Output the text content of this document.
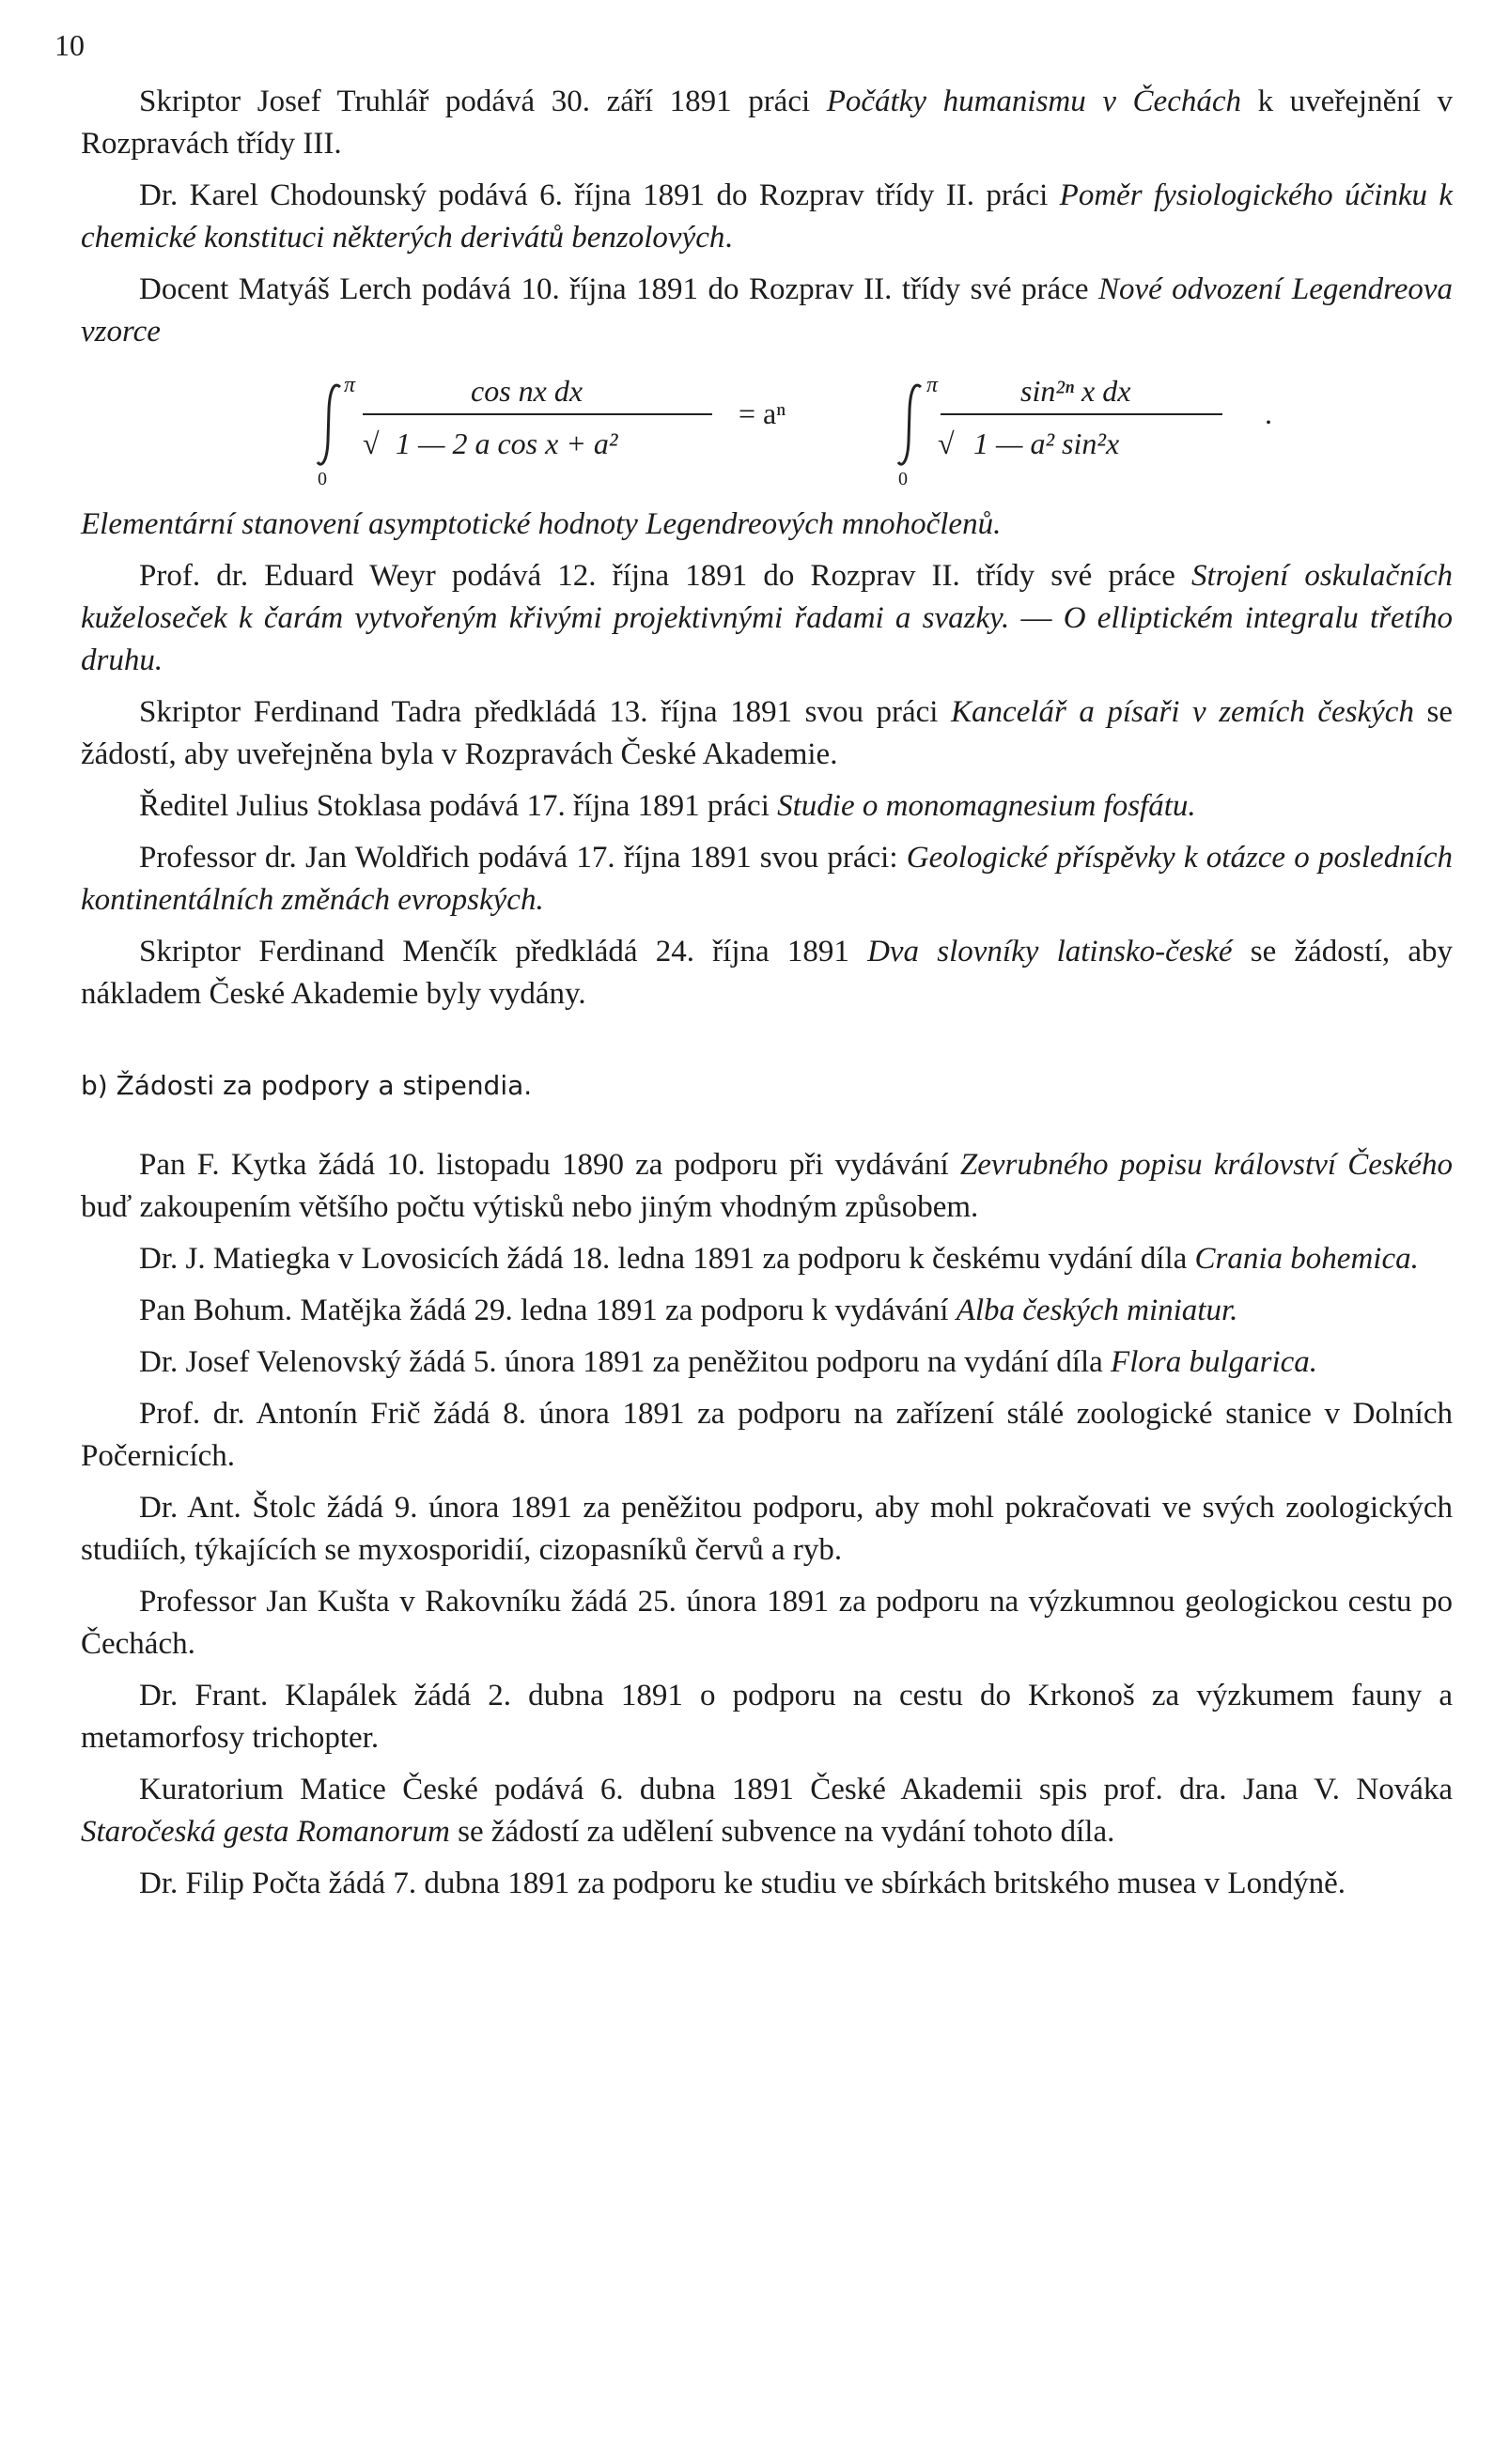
10

Skriptor Josef Truhlář podává 30. září 1891 práci Počátky humanismu v Čechách k uveřejnění v Rozpravách třídy III.

Dr. Karel Chodounský podává 6. října 1891 do Rozprav třídy II. práci Poměr fysiologického účinku k chemické konstituci některých derivátů benzolových.

Docent Matyáš Lerch podává 10. října 1891 do Rozprav II. třídy své práce Nové odvození Legendreova vzorce

π
0
cos nx dx
√ 1 — 2 a cos x + a²
= aⁿ
π
0
sin²ⁿ x dx
√ 1 — a² sin²x
.

Elementární stanovení asymptotické hodnoty Legendreových mnohočlenů.

Prof. dr. Eduard Weyr podává 12. října 1891 do Rozprav II. třídy své práce Strojení oskulačních kuželoseček k čarám vytvořeným křivými projektivnými řadami a svazky. — O elliptickém integralu třetího druhu.

Skriptor Ferdinand Tadra předkládá 13. října 1891 svou práci Kancelář a písaři v zemích českých se žádostí, aby uveřejněna byla v Rozpravách České Akademie.

Ředitel Julius Stoklasa podává 17. října 1891 práci Studie o monomagnesium fosfátu.

Professor dr. Jan Woldřich podává 17. října 1891 svou práci: Geologické příspěvky k otázce o posledních kontinentálních změnách evropských.

Skriptor Ferdinand Menčík předkládá 24. října 1891 Dva slovníky latinsko-české se žádostí, aby nákladem České Akademie byly vydány.

b) Žádosti za podpory a stipendia.

Pan F. Kytka žádá 10. listopadu 1890 za podporu při vydávání Zevrubného popisu království Českého buď zakoupením většího počtu výtisků nebo jiným vhodným způsobem.

Dr. J. Matiegka v Lovosicích žádá 18. ledna 1891 za podporu k českému vydání díla Crania bohemica.

Pan Bohum. Matějka žádá 29. ledna 1891 za podporu k vydávání Alba českých miniatur.

Dr. Josef Velenovský žádá 5. února 1891 za peněžitou podporu na vydání díla Flora bulgarica.

Prof. dr. Antonín Frič žádá 8. února 1891 za podporu na zařízení stálé zoologické stanice v Dolních Počernicích.

Dr. Ant. Štolc žádá 9. února 1891 za peněžitou podporu, aby mohl pokračovati ve svých zoologických studiích, týkajících se myxosporidií, cizopasníků červů a ryb.

Professor Jan Kušta v Rakovníku žádá 25. února 1891 za podporu na výzkumnou geologickou cestu po Čechách.

Dr. Frant. Klapálek žádá 2. dubna 1891 o podporu na cestu do Krkonoš za výzkumem fauny a metamorfosy trichopter.

Kuratorium Matice České podává 6. dubna 1891 České Akademii spis prof. dra. Jana V. Nováka Staročeská gesta Romanorum se žádostí za udělení subvence na vydání tohoto díla.

Dr. Filip Počta žádá 7. dubna 1891 za podporu ke studiu ve sbírkách britského musea v Londýně.
